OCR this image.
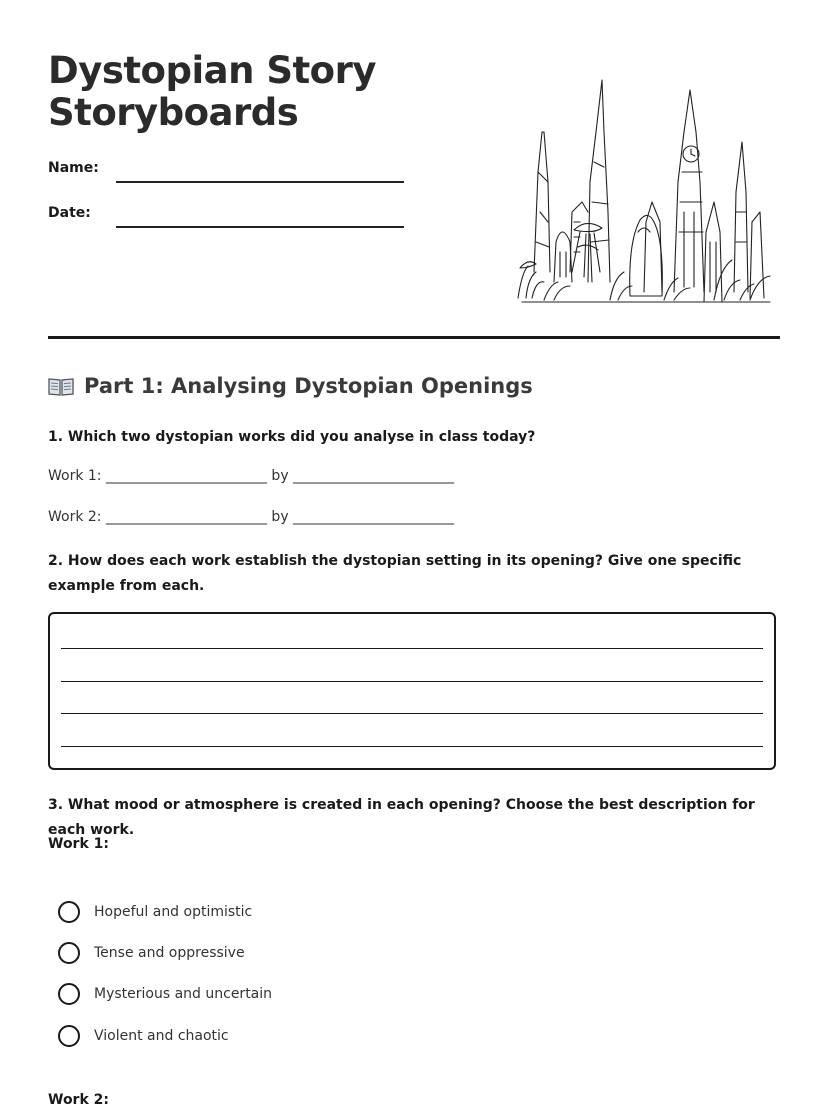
Dystopian Story Storyboards
Name:
Date:
Part 1: Analysing Dystopian Openings
1. Which two dystopian works did you analyse in class today?
Work 1: _______________________ by _______________________
Work 2: _______________________ by _______________________
2. How does each work establish the dystopian setting in its opening? Give one specific example from each.
3. What mood or atmosphere is created in each opening? Choose the best description for each work.
Work 1:
Hopeful and optimistic
Tense and oppressive
Mysterious and uncertain
Violent and chaotic
Work 2:
